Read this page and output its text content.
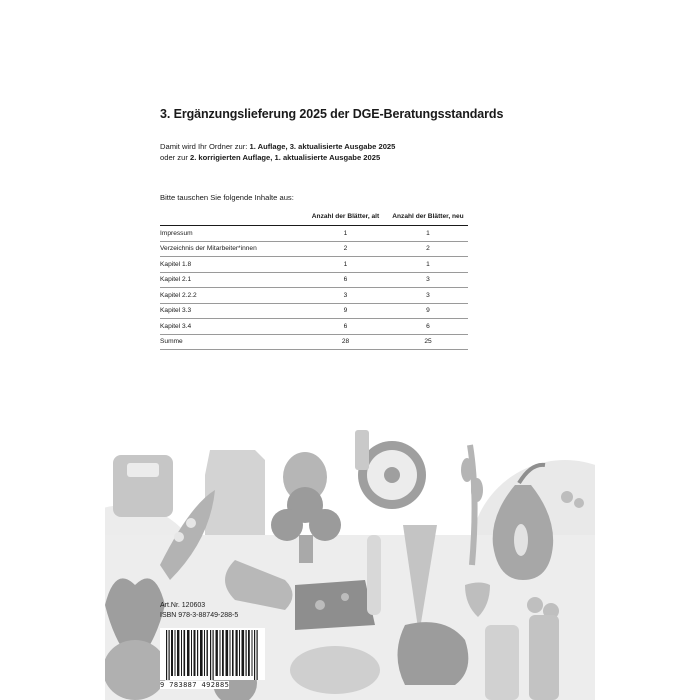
3. Ergänzungslieferung 2025 der DGE-Beratungsstandards
Damit wird Ihr Ordner zur: 1. Auflage, 3. aktualisierte Ausgabe 2025
oder zur 2. korrigierten Auflage, 1. aktualisierte Ausgabe 2025
Bitte tauschen Sie folgende Inhalte aus:
	Anzahl der Blätter, alt	Anzahl der Blätter, neu
Impressum	1	1
Verzeichnis der Mitarbeiter*innen	2	2
Kapitel 1.8	1	1
Kapitel 2.1	6	3
Kapitel 2.2.2	3	3
Kapitel 3.3	9	9
Kapitel 3.4	6	6
Summe	28	25
Art.Nr. 120603
ISBN 978-3-88749-288-5
9 783887 492885
